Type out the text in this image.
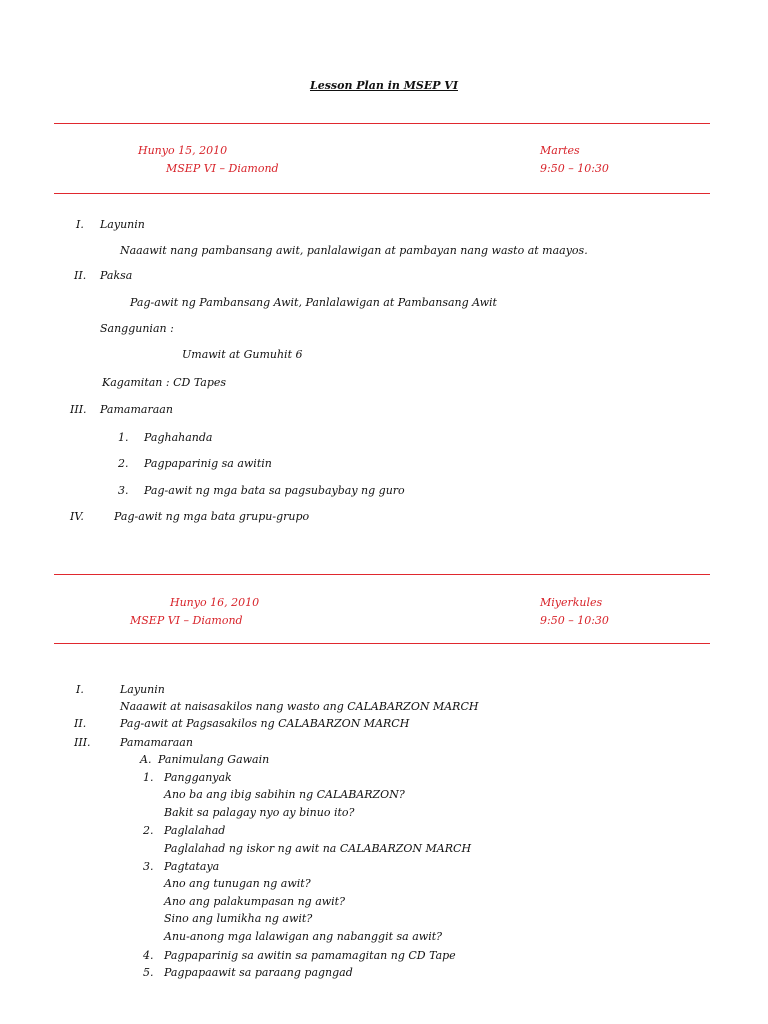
Lesson Plan in MSEP VI
Hunyo 15, 2010	Martes
MSEP VI – Diamond	9:50 – 10:30
I. Layunin
Naaawit nang pambansang awit, panlalawigan at pambayan nang wasto at maayos.
II. Paksa
Pag-awit ng Pambansang Awit, Panlalawigan at Pambansang Awit
Sanggunian :
Umawit at Gumuhit 6
Kagamitan : CD Tapes
III. Pamamaraan
1. Paghahanda
2. Pagpaparinig sa awitin
3. Pag-awit ng mga bata sa pagsubaybay ng guro
IV.	Pag-awit ng mga bata grupu-grupo
Hunyo 16, 2010	Miyerkules
MSEP VI – Diamond	9:50 – 10:30
I.	Layunin
Naaawit at naisasakilos nang wasto ang CALABARZON MARCH
II.	Pag-awit at Pagsasakilos ng CALABARZON MARCH
III.	Pamamaraan
A. Panimulang Gawain
1. Pangganyak
Ano ba ang ibig sabihin ng CALABARZON?
Bakit sa palagay nyo ay binuo ito?
2. Paglalahad
Paglalahad ng iskor ng awit na CALABARZON MARCH
3. Pagtataya
Ano ang tunugan ng awit?
Ano ang palakumpasan ng awit?
Sino ang lumikha ng awit?
Anu-anong mga lalawigan ang nabanggit sa awit?
4. Pagpaparinig sa awitin sa pamamagitan ng CD Tape
5. Pagpapaawit sa paraang pagngad
